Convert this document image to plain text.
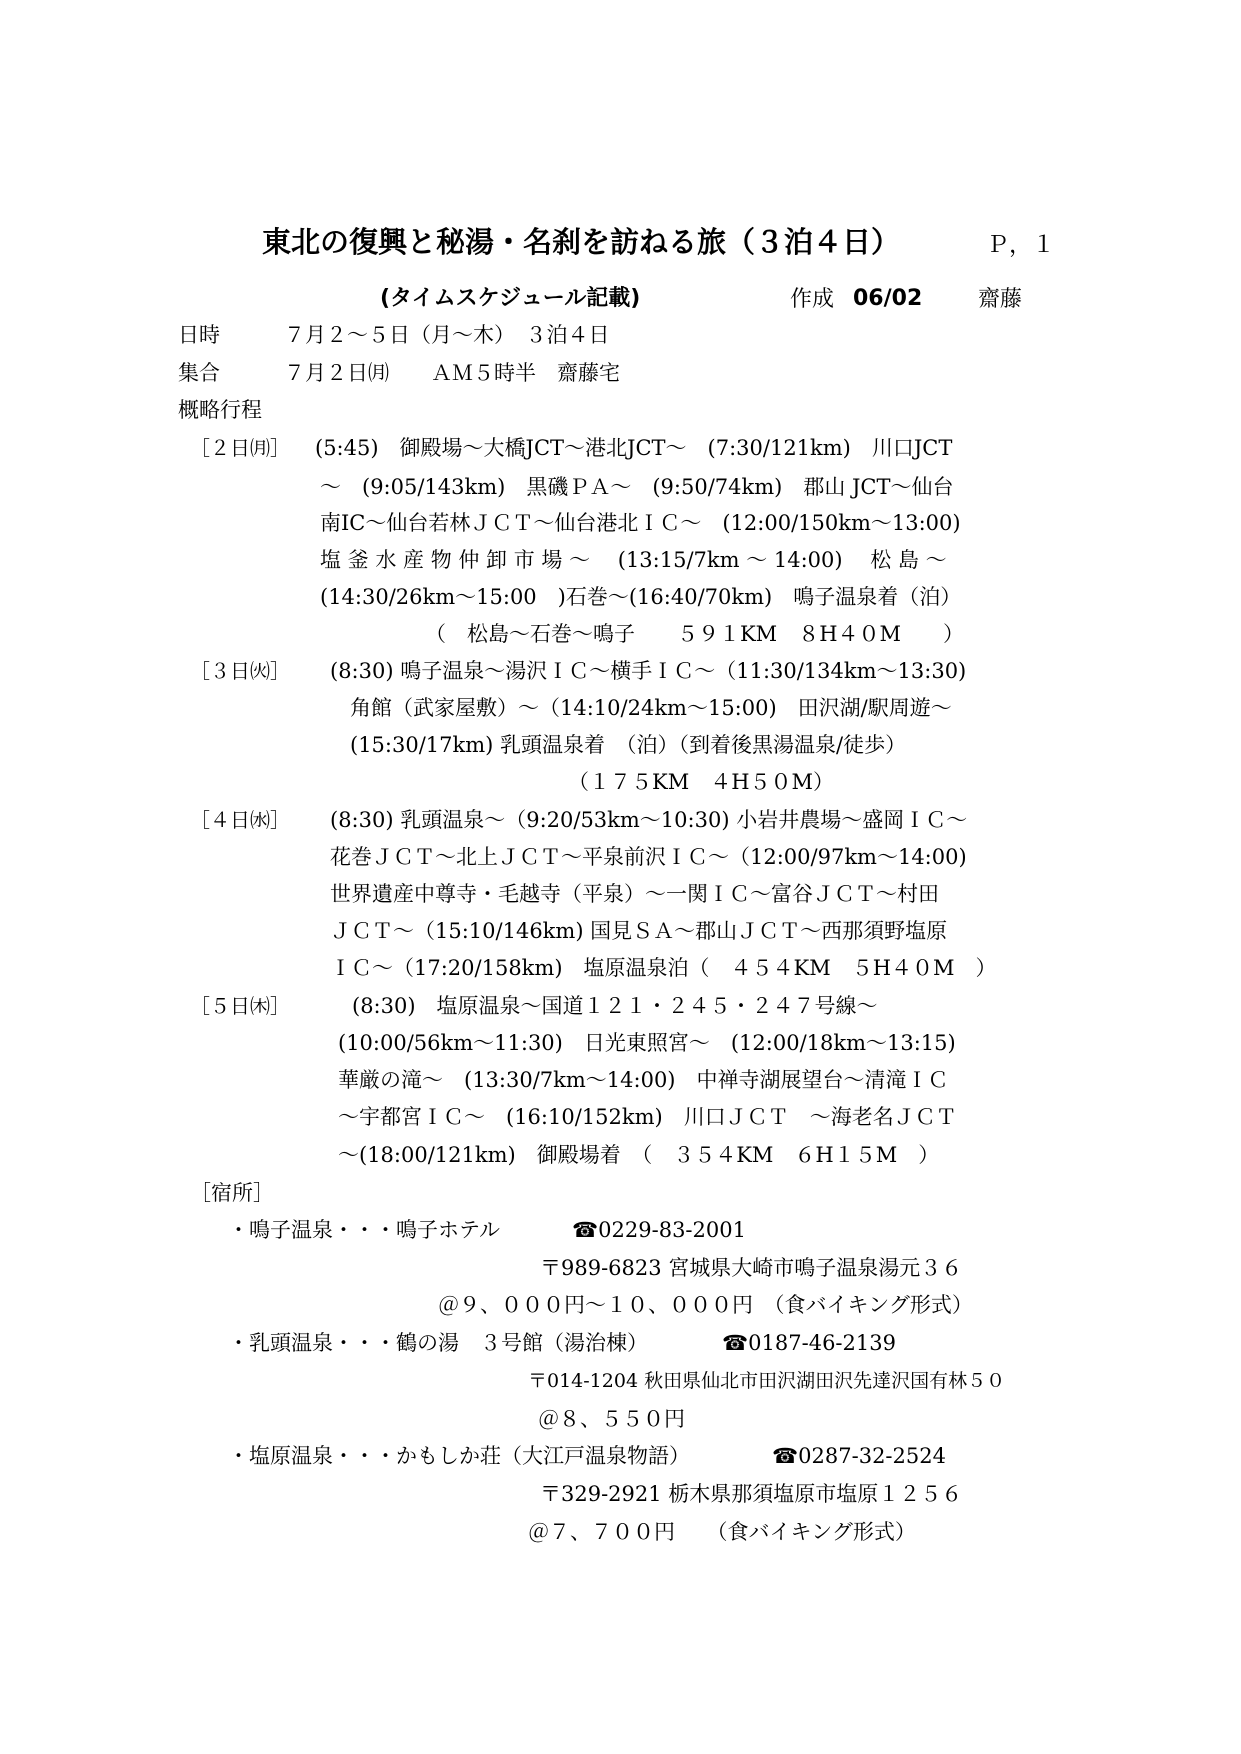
東北の復興と秘湯・名刹を訪ねる旅（３泊４日）	Ｐ，１
(タイムスケジュール記載)	作成 06/02	齋藤
日時	７月２～５日（月～木）　３泊４日
集合	７月２日㈪　　ＡＭ５時半　齋藤宅
概略行程
［２日㈪］ (5:45)　御殿場～大橋JCT～港北JCT～　(7:30/121km)　川口JCT
～　(9:05/143km)　黒磯ＰＡ～　(9:50/74km)　郡山 JCT～仙台
南IC～仙台若林ＪＣＴ～仙台港北ＩＣ～　(12:00/150km～13:00)
塩 釜 水 産 物 仲 卸 市 場 ～　 (13:15/7km ～ 14:00)　 松 島 ～
(14:30/26km～15:00　)石巻～(16:40/70km)　鳴子温泉着（泊）
（　松島～石巻～鳴子　　５９１KM　８H４０M　　）
［３日㈫］ (8:30) 鳴子温泉～湯沢ＩＣ～横手ＩＣ～（11:30/134km～13:30)
角館（武家屋敷）～（14:10/24km～15:00)　田沢湖/駅周遊～
(15:30/17km) 乳頭温泉着　（泊）（到着後黒湯温泉/徒歩）
（１７５KM　４H５０M）
［４日㈬］ (8:30) 乳頭温泉～（9:20/53km～10:30) 小岩井農場～盛岡ＩＣ～
花巻ＪＣＴ～北上ＪＣＴ～平泉前沢ＩＣ～（12:00/97km～14:00)
世界遺産中尊寺・毛越寺（平泉）～一関ＩＣ～富谷ＪＣＴ～村田
ＪＣＴ～（15:10/146km) 国見ＳＡ～郡山ＪＣＴ～西那須野塩原
ＩＣ～（17:20/158km)　塩原温泉泊（　４５４KM　５H４０M　）
［５日㈭］	(8:30)　塩原温泉～国道１２１・２４５・２４７号線～
(10:00/56km～11:30)　日光東照宮～　(12:00/18km～13:15)
華厳の滝～　(13:30/7km～14:00)　中禅寺湖展望台～清滝ＩＣ
～宇都宮ＩＣ～　(16:10/152km)　川口ＪＣＴ　～海老名ＪＣＴ
～(18:00/121km)　御殿場着　（　３５４KM　６H１５M　）
［宿所］
・鳴子温泉・・・鳴子ホテル	☎0229-83-2001
〒989-6823 宮城県大崎市鳴子温泉湯元３６
＠９、０００円～１０、０００円　（食バイキング形式）
・乳頭温泉・・・鶴の湯　３号館（湯治棟）	☎0187-46-2139
〒014-1204 秋田県仙北市田沢湖田沢先達沢国有林５０
＠８、５５０円
・塩原温泉・・・かもしか荘（大江戸温泉物語）	☎0287-32-2524
〒329-2921 栃木県那須塩原市塩原１２５６
＠７、７００円　　（食バイキング形式）
